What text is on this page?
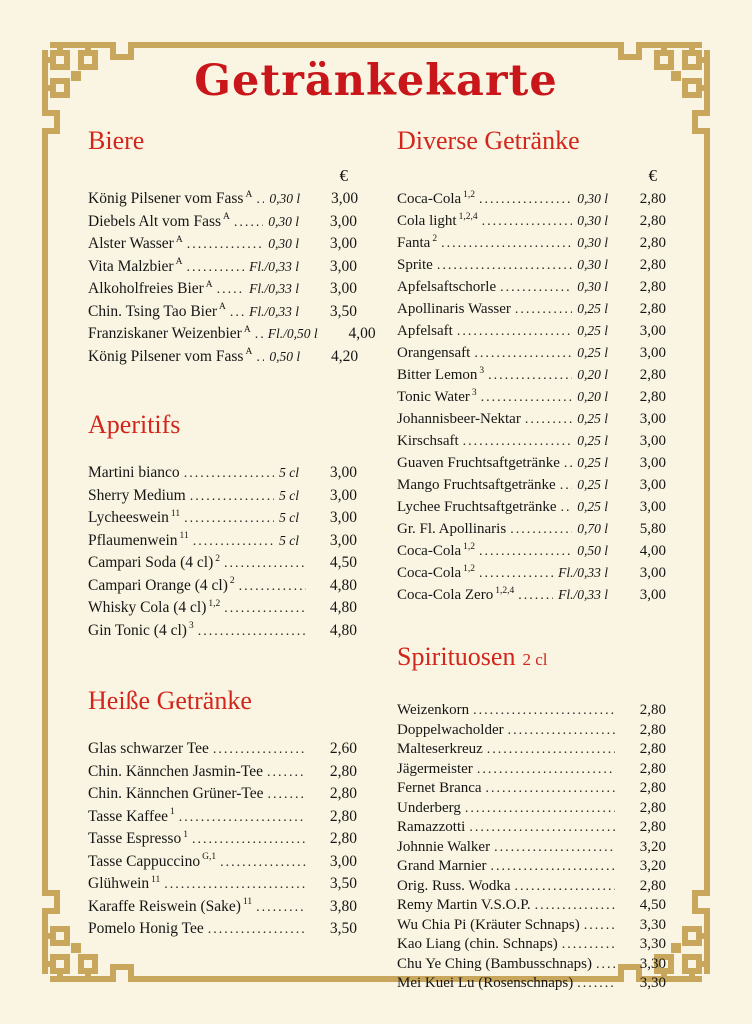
Getränkekarte
Biere
€
König Pilsener vom Fass $^A$ ..... 0,30 l	3,00
Diebels Alt vom Fass $^A$ .....	0,30 l	3,00
Alster Wasser $^A$ .....	0,30 l	3,00
Vita Malzbier $^A$ .....	Fl./0,33 l	3,00
Alkoholfreies Bier $^A$ .....	Fl./0,33 l	3,00
Chin. Tsing Tao Bier $^A$ ..... Fl./0,33 l	3,50
Franziskaner Weizenbier $^A$ ..... Fl./0,50 l	4,00
König Pilsener vom Fass $^A$ ..... 0,50 l	4,20
Aperitifs
Martini bianco .....	5 cl	3,00
Sherry Medium .....	5 cl	3,00
Lycheeswein $^{11}$ .....	5 cl	3,00
Pflaumenwein $^{11}$ .....	5 cl	3,00
Campari Soda (4 cl) $^2$ .....	4,50
Campari Orange (4 cl) $^2$ .....	4,80
Whisky Cola (4 cl) $^{1,2}$ .....	4,80
Gin Tonic (4 cl) $^3$ .....	4,80
Heiße Getränke
Glas schwarzer Tee .....	2,60
Chin. Kännchen Jasmin-Tee .....	2,80
Chin. Kännchen Grüner-Tee .....	2,80
Tasse Kaffee $^1$ .....	2,80
Tasse Espresso $^1$ .....	2,80
Tasse Cappuccino $^{G,1}$ .....	3,00
Glühwein $^{11}$ .....	3,50
Karaffe Reiswein (Sake) $^{11}$ .....	3,80
Pomelo Honig Tee .....	3,50
Diverse Getränke
€
Coca-Cola $^{1,2}$ .....	0,30 l	2,80
Cola light $^{1,2,4}$ .....	0,30 l	2,80
Fanta $^2$ .....	0,30 l	2,80
Sprite .....	0,30 l	2,80
Apfelsaftschorle .....	0,30 l	2,80
Apollinaris Wasser .....	0,25 l	2,80
Apfelsaft .....	0,25 l	3,00
Orangensaft .....	0,25 l	3,00
Bitter Lemon $^3$ .....	0,20 l	2,80
Tonic Water $^3$ .....	0,20 l	2,80
Johannisbeer-Nektar .....	0,25 l	3,00
Kirschsaft .....	0,25 l	3,00
Guaven Fruchtsaftgetränke ..... 0,25 l	3,00
Mango Fruchtsaftgetränke ..... 0,25 l	3,00
Lychee Fruchtsaftgetränke ..... 0,25 l	3,00
Gr. Fl. Apollinaris .....	0,70 l	5,80
Coca-Cola $^{1,2}$ .....	0,50 l	4,00
Coca-Cola $^{1,2}$ .....	Fl./0,33 l	3,00
Coca-Cola Zero $^{1,2,4}$ .....	Fl./0,33 l	3,00
Spirituosen 2 cl
Weizenkorn .....	2,80
Doppelwacholder .....	2,80
Malteserkreuz .....	2,80
Jägermeister .....	2,80
Fernet Branca .....	2,80
Underberg .....	2,80
Ramazzotti .....	2,80
Johnnie Walker .....	3,20
Grand Marnier .....	3,20
Orig. Russ. Wodka .....	2,80
Remy Martin V.S.O.P. .....	4,50
Wu Chia Pi (Kräuter Schnaps) .....	3,30
Kao Liang (chin. Schnaps) .....	3,30
Chu Ye Ching (Bambusschnaps) .....	3,30
Mei Kuei Lu (Rosenschnaps) .....	3,30
